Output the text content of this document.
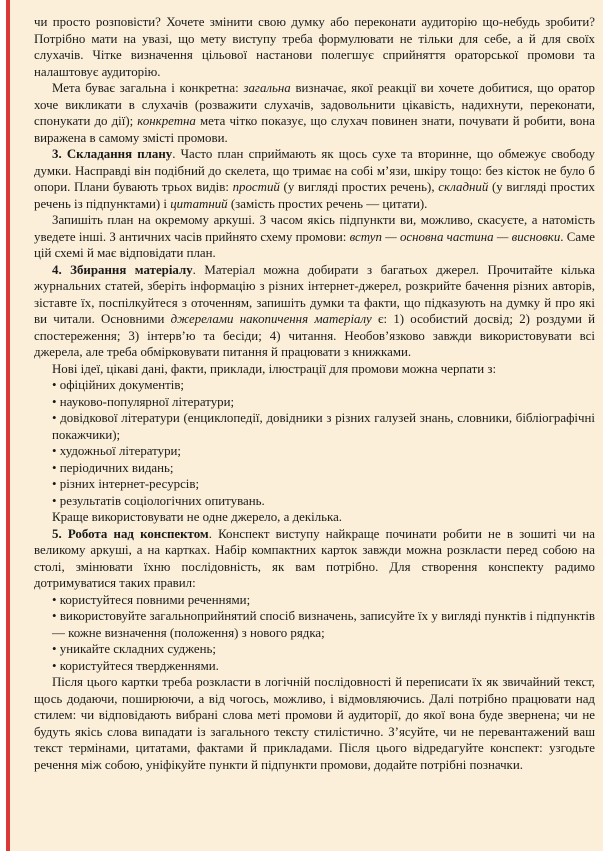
чи просто розповісти? Хочете змінити свою думку або переконати аудиторію що-небудь зробити? Потрібно мати на увазі, що мету виступу треба формулювати не тільки для себе, а й для своїх слухачів. Чітке визначення цільової настанови полегшує сприйняття ораторської промови та налаштовує аудиторію.

Мета буває загальна і конкретна: загальна визначає, якої реакції ви хочете добитися, що оратор хоче викликати в слухачів (розважити слухачів, задовольнити цікавість, надихнути, переконати, спонукати до дії); конкретна мета чітко показує, що слухач повинен знати, почувати й робити, вона виражена в самому змісті промови.

3. Складання плану. Часто план сприймають як щось сухе та вторинне, що обмежує свободу думки. Насправді він подібний до скелета, що тримає на собі м’язи, шкіру тощо: без кісток не було б опори. Плани бувають трьох видів: простий (у вигляді простих речень), складний (у вигляді простих речень із підпунктами) і цитатний (замість простих речень — цитати).

Запишіть план на окремому аркуші. З часом якісь підпункти ви, можливо, скасуєте, а натомість уведете інші. З античних часів прийнято схему промови: вступ — основна частина — висновки. Саме цій схемі й має відповідати план.

4. Збирання матеріалу. Матеріал можна добирати з багатьох джерел. Прочитайте кілька журнальних статей, зберіть інформацію з різних інтернет-джерел, розкрийте бачення різних авторів, зіставте їх, поспілкуйтеся з оточенням, запишіть думки та факти, що підказують на думку й про які ви читали. Основними джерелами накопичення матеріалу є: 1) особистий досвід; 2) роздуми й спостереження; 3) інтерв’ю та бесіди; 4) читання. Необов’язково завжди використовувати всі джерела, але треба обмірковувати питання й працювати з книжками.

Нові ідеї, цікаві дані, факти, приклади, ілюстрації для промови можна черпати з:

• офіційних документів;

• науково-популярної літератури;

• довідкової літератури (енциклопедії, довідники з різних галузей знань, словники, бібліографічні покажчики);

• художньої літератури;

• періодичних видань;

• різних інтернет-ресурсів;

• результатів соціологічних опитувань.

Краще використовувати не одне джерело, а декілька.

5. Робота над конспектом. Конспект виступу найкраще починати робити не в зошиті чи на великому аркуші, а на картках. Набір компактних карток завжди можна розкласти перед собою на столі, змінювати їхню послідовність, як вам потрібно. Для створення конспекту радимо дотримуватися таких правил:

• користуйтеся повними реченнями;

• використовуйте загальноприйнятий спосіб визначень, записуйте їх у вигляді пунктів і підпунктів — кожне визначення (положення) з нового рядка;

• уникайте складних суджень;

• користуйтеся твердженнями.

Після цього картки треба розкласти в логічній послідовності й переписати їх як звичайний текст, щось додаючи, поширюючи, а від чогось, можливо, і відмовляючись. Далі потрібно працювати над стилем: чи відповідають вибрані слова меті промови й аудиторії, до якої вона буде звернена; чи не будуть якісь слова випадати із загального тексту стилістично. З’ясуйте, чи не перевантажений ваш текст термінами, цитатами, фактами й прикладами. Після цього відредагуйте конспект: узгодьте речення між собою, уніфікуйте пункти й підпункти промови, додайте потрібні позначки.
